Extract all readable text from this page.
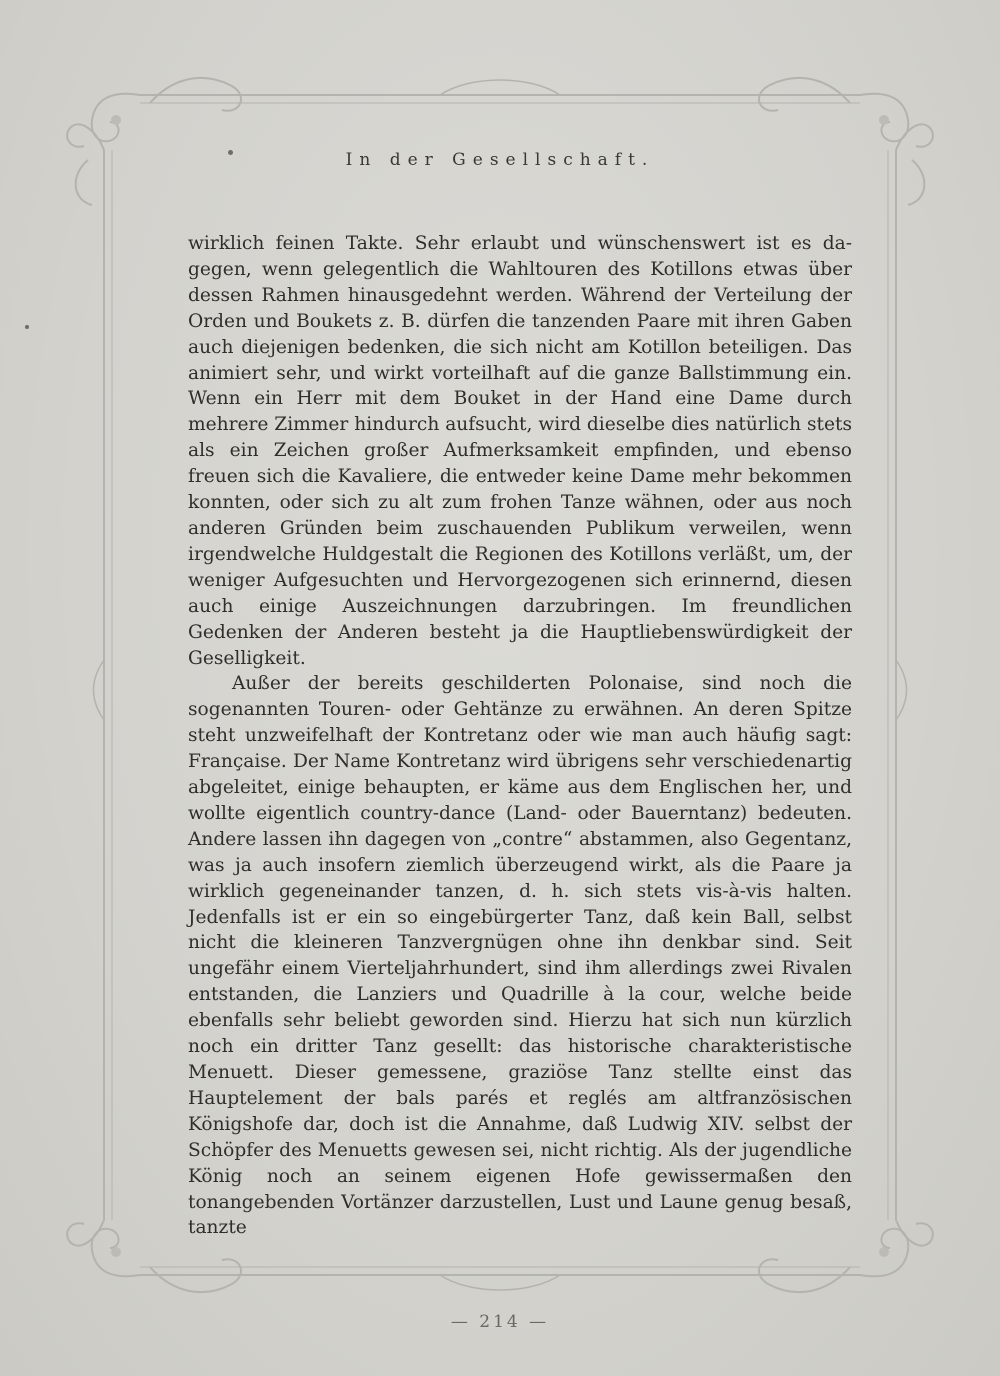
In der Gesellschaft.

wirklich feinen Takte. Sehr erlaubt und wünschenswert ist es dagegen, wenn gelegentlich die Wahltouren des Kotillons etwas über dessen Rahmen hinausgedehnt werden. Während der Verteilung der Orden und Boukets z. B. dürfen die tanzenden Paare mit ihren Gaben auch diejenigen bedenken, die sich nicht am Kotillon beteiligen. Das animiert sehr, und wirkt vorteilhaft auf die ganze Ballstimmung ein. Wenn ein Herr mit dem Bouket in der Hand eine Dame durch mehrere Zimmer hindurch aufsucht, wird dieselbe dies natürlich stets als ein Zeichen großer Aufmerksamkeit empfinden, und ebenso freuen sich die Kavaliere, die entweder keine Dame mehr bekommen konnten, oder sich zu alt zum frohen Tanze wähnen, oder aus noch anderen Gründen beim zuschauenden Publikum verweilen, wenn irgendwelche Huldgestalt die Regionen des Kotillons verläßt, um, der weniger Aufgesuchten und Hervorgezogenen sich erinnernd, diesen auch einige Auszeichnungen darzubringen. Im freundlichen Gedenken der Anderen besteht ja die Hauptliebenswürdigkeit der Geselligkeit.

Außer der bereits geschilderten Polonaise, sind noch die sogenannten Touren- oder Gehtänze zu erwähnen. An deren Spitze steht unzweifelhaft der Kontretanz oder wie man auch häufig sagt: Française. Der Name Kontretanz wird übrigens sehr verschiedenartig abgeleitet, einige behaupten, er käme aus dem Englischen her, und wollte eigentlich country-dance (Land- oder Bauerntanz) bedeuten. Andere lassen ihn dagegen von „contre“ abstammen, also Gegentanz, was ja auch insofern ziemlich überzeugend wirkt, als die Paare ja wirklich gegeneinander tanzen, d. h. sich stets vis-à-vis halten. Jedenfalls ist er ein so eingebürgerter Tanz, daß kein Ball, selbst nicht die kleineren Tanzvergnügen ohne ihn denkbar sind. Seit ungefähr einem Vierteljahrhundert, sind ihm allerdings zwei Rivalen entstanden, die Lanziers und Quadrille à la cour, welche beide ebenfalls sehr beliebt geworden sind. Hierzu hat sich nun kürzlich noch ein dritter Tanz gesellt: das historische charakteristische Menuett. Dieser gemessene, graziöse Tanz stellte einst das Hauptelement der bals parés et reglés am altfranzösischen Königshofe dar, doch ist die Annahme, daß Ludwig XIV. selbst der Schöpfer des Menuetts gewesen sei, nicht richtig. Als der jugendliche König noch an seinem eigenen Hofe gewissermaßen den tonangebenden Vortänzer darzustellen, Lust und Laune genug besaß, tanzte

— 214 —
